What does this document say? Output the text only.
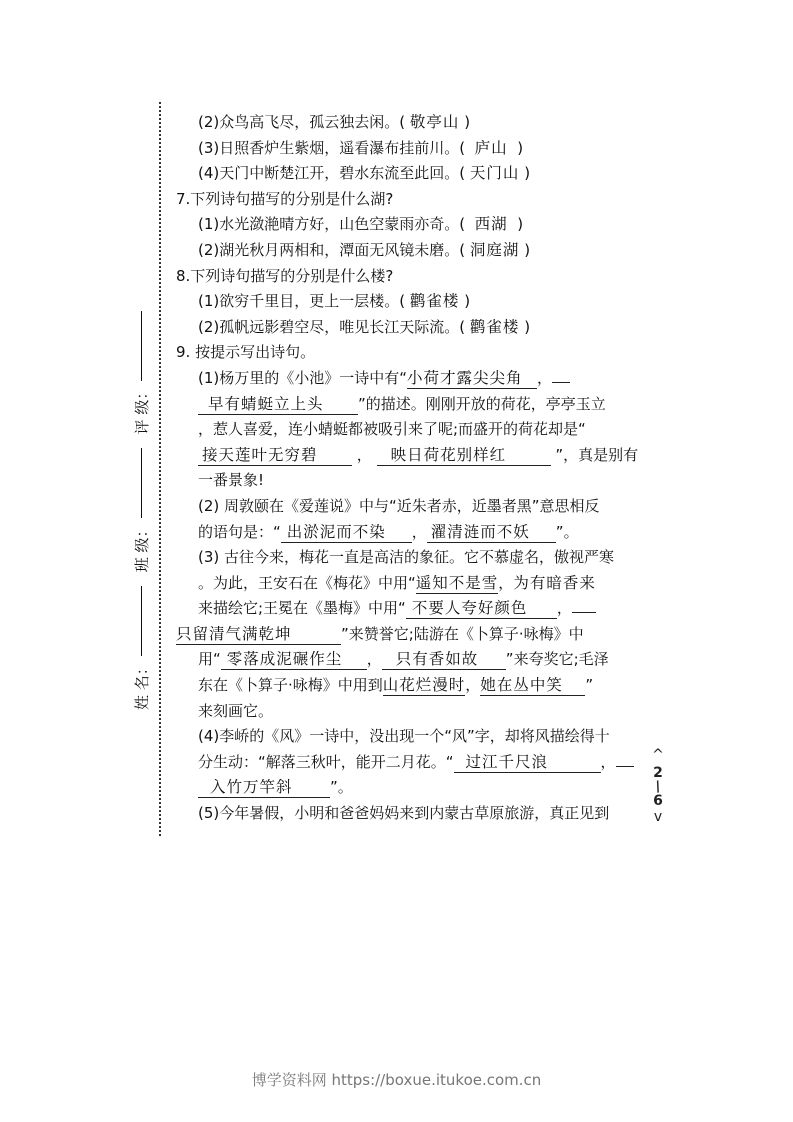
姓 名：
班 级：
评 级：
(2)众鸟高飞尽，孤云独去闲。( 敬亭山 )
(3)日照香炉生紫烟，遥看瀑布挂前川。( 庐山 )
(4)天门中断楚江开，碧水东流至此回。( 天门山 )
7.下列诗句描写的分别是什么湖?
(1)水光潋滟晴方好，山色空蒙雨亦奇。( 西湖 )
(2)湖光秋月两相和，潭面无风镜未磨。( 洞庭湖 )
8.下列诗句描写的分别是什么楼?
(1)欲穷千里目，更上一层楼。( 鹳雀楼 )
(2)孤帆远影碧空尽，唯见长江天际流。( 鹳雀楼 )
9. 按提示写出诗句。
(1)杨万里的《小池》一诗中有“小荷才露尖尖角 ，
早有蜻蜓立上头 ”的描述。刚刚开放的荷花，亭亭玉立
，惹人喜爱，连小蜻蜓都被吸引来了呢;而盛开的荷花却是“
接天莲叶无穷碧	， 映日荷花别样红	”，真是别有
一番景象!
(2) 周敦颐在《爱莲说》中与“近朱者赤，近墨者黑”意思相反
的语句是：“ 出淤泥而不染 ， 濯清涟而不妖 ”。
(3) 古往今来，梅花一直是高洁的象征。它不慕虚名，傲视严寒
。为此，王安石在《梅花》中用“遥知不是雪，为有暗香来
来描绘它;王冕在《墨梅》中用“ 不要人夸好颜色 ，
只留清气满乾坤	”来赞誉它;陆游在《卜算子·咏梅》中
用“ 零落成泥碾作尘 ， 只有香如故 ”来夸奖它;毛泽
东在《卜算子·咏梅》中用到山花烂漫时，她在丛中笑 ”
来刻画它。
(4)李峤的《风》一诗中，没出现一个“风”字，却将风描绘得十
分生动：“解落三秋叶，能开二月花。“ 过江千尺浪	，
入竹万竿斜 ”。
(5)今年暑假，小明和爸爸妈妈来到内蒙古草原旅游，真正见到
^
2
/
6
v
博学资料网 https://boxue.itukoe.com.cn
